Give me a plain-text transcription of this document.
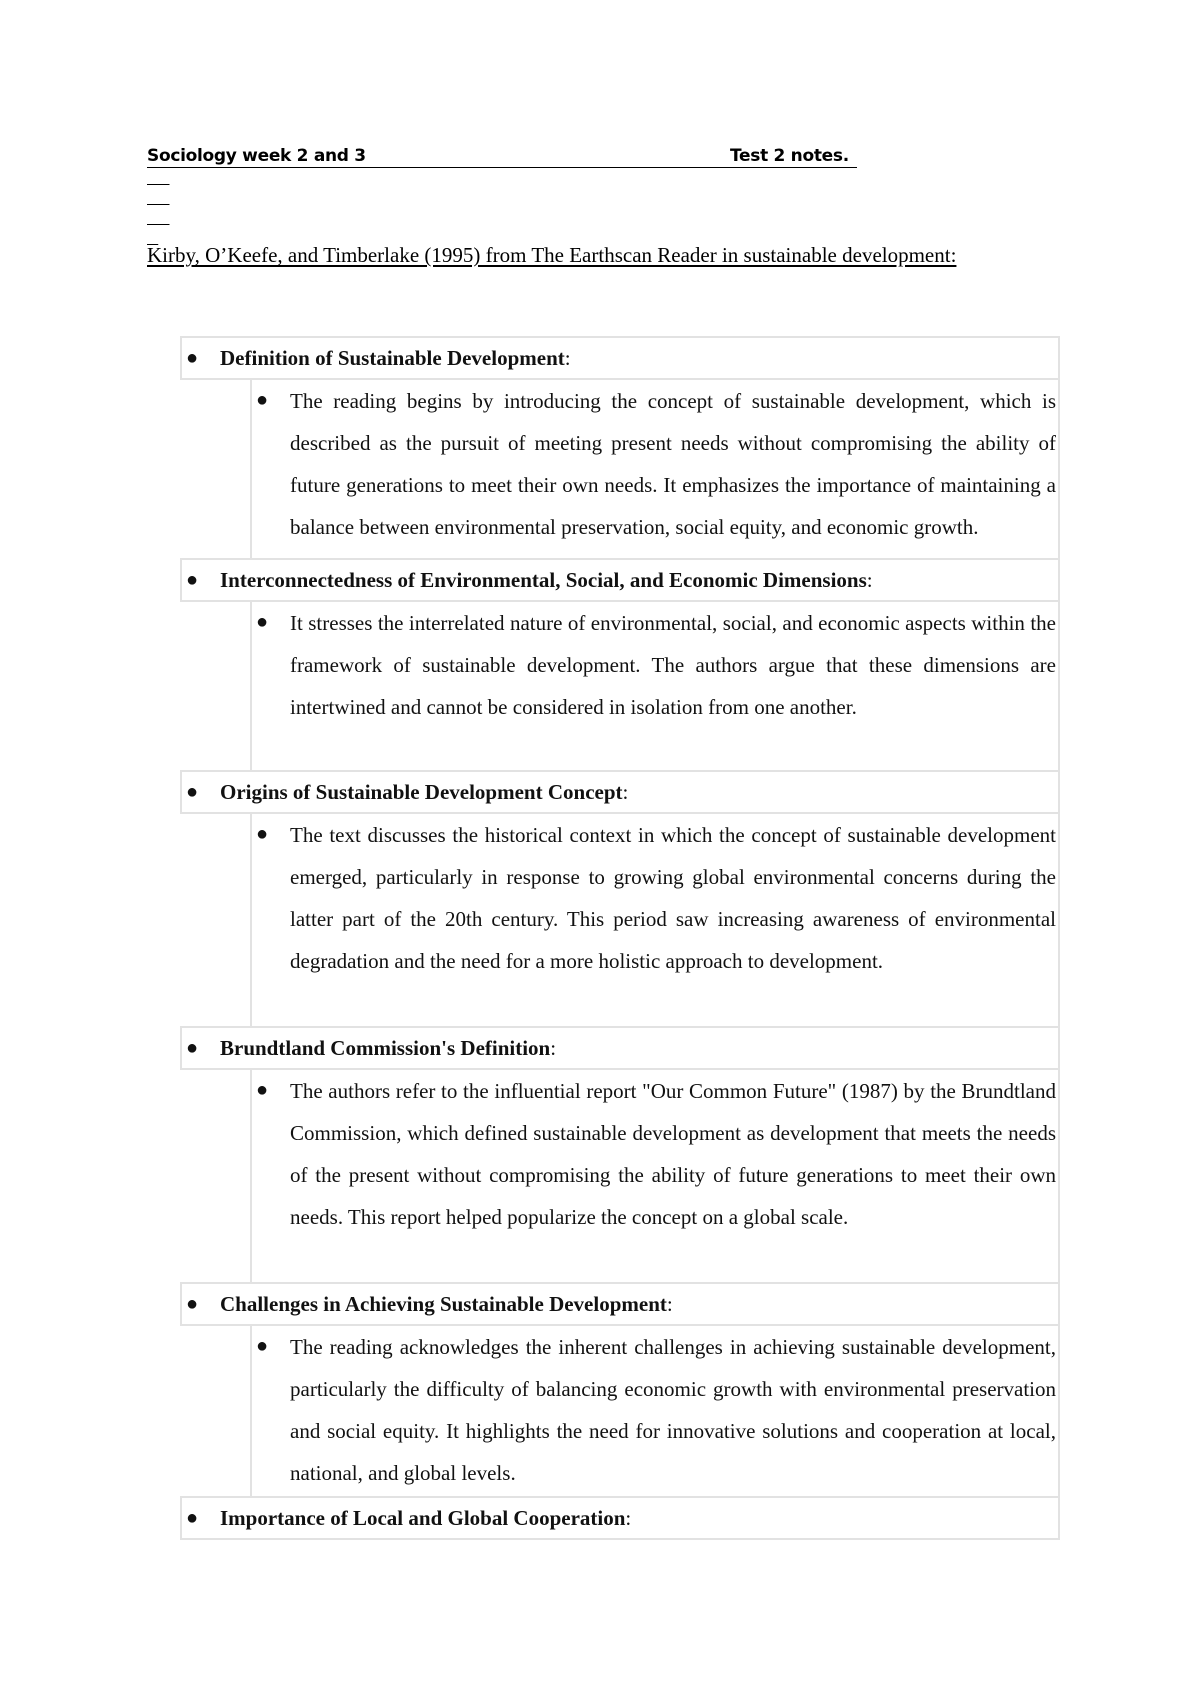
Sociology week 2 and 3

	Test 2 notes.

Kirby, O’Keefe, and Timberlake (1995) from The Earthscan Reader in sustainable development:
● Definition of Sustainable Development:
● The reading begins by introducing the concept of sustainable development, which is described as the pursuit of meeting present needs without compromising the ability of future generations to meet their own needs. It emphasizes the importance of maintaining a balance between environmental preservation, social equity, and economic growth.
● Interconnectedness of Environmental, Social, and Economic Dimensions:
● It stresses the interrelated nature of environmental, social, and economic aspects within the framework of sustainable development. The authors argue that these dimensions are intertwined and cannot be considered in isolation from one another.
● Origins of Sustainable Development Concept:
● The text discusses the historical context in which the concept of sustainable development emerged, particularly in response to growing global environmental concerns during the latter part of the 20th century. This period saw increasing awareness of environmental degradation and the need for a more holistic approach to development.
● Brundtland Commission's Definition:
● The authors refer to the influential report "Our Common Future" (1987) by the Brundtland Commission, which defined sustainable development as development that meets the needs of the present without compromising the ability of future generations to meet their own needs. This report helped popularize the concept on a global scale.
● Challenges in Achieving Sustainable Development:
● The reading acknowledges the inherent challenges in achieving sustainable development, particularly the difficulty of balancing economic growth with environmental preservation and social equity. It highlights the need for innovative solutions and cooperation at local, national, and global levels.
● Importance of Local and Global Cooperation:
